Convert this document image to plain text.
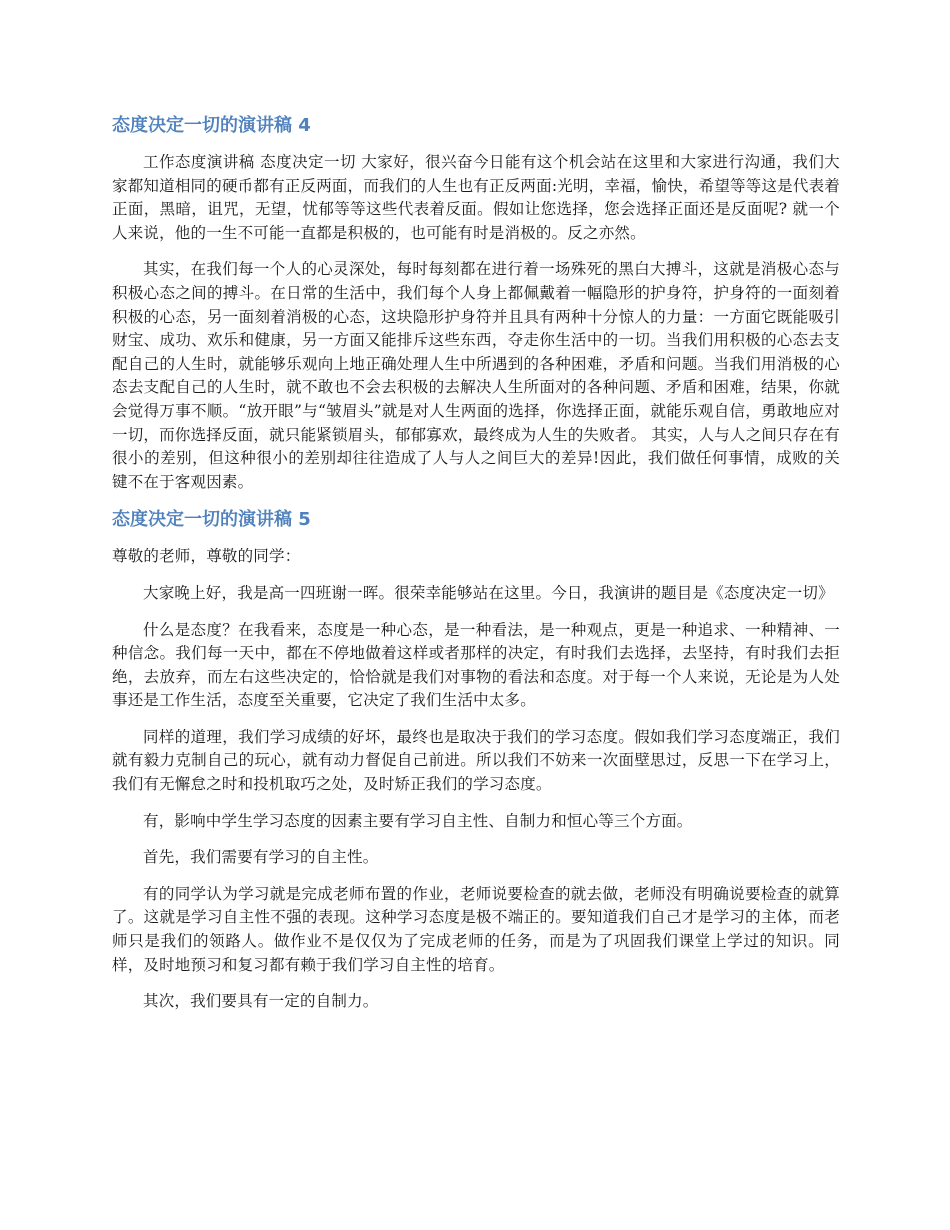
态度决定一切的演讲稿 4

工作态度演讲稿 态度决定一切 大家好，很兴奋今日能有这个机会站在这里和大家进行沟通，我们大家都知道相同的硬币都有正反两面，而我们的人生也有正反两面:光明，幸福，愉快，希望等等这是代表着正面，黑暗，诅咒，无望，忧郁等等这些代表着反面。假如让您选择，您会选择正面还是反面呢? 就一个人来说，他的一生不可能一直都是积极的，也可能有时是消极的。反之亦然。

其实，在我们每一个人的心灵深处，每时每刻都在进行着一场殊死的黑白大搏斗，这就是消极心态与积极心态之间的搏斗。在日常的生活中，我们每个人身上都佩戴着一幅隐形的护身符，护身符的一面刻着积极的心态，另一面刻着消极的心态，这块隐形护身符并且具有两种十分惊人的力量：一方面它既能吸引财宝、成功、欢乐和健康，另一方面又能排斥这些东西，夺走你生活中的一切。当我们用积极的心态去支配自己的人生时，就能够乐观向上地正确处理人生中所遇到的各种困难，矛盾和问题。当我们用消极的心态去支配自己的人生时，就不敢也不会去积极的去解决人生所面对的各种问题、矛盾和困难，结果，你就会觉得万事不顺。“放开眼”与“皱眉头”就是对人生两面的选择，你选择正面，就能乐观自信，勇敢地应对一切，而你选择反面，就只能紧锁眉头，郁郁寡欢，最终成为人生的失败者。 其实，人与人之间只存在有很小的差别，但这种很小的差别却往往造成了人与人之间巨大的差异!因此，我们做任何事情，成败的关键不在于客观因素。

态度决定一切的演讲稿 5

尊敬的老师，尊敬的同学：

大家晚上好，我是高一四班谢一晖。很荣幸能够站在这里。今日，我演讲的题目是《态度决定一切》

什么是态度？在我看来，态度是一种心态，是一种看法，是一种观点，更是一种追求、一种精神、一种信念。我们每一天中，都在不停地做着这样或者那样的决定，有时我们去选择，去坚持，有时我们去拒绝，去放弃，而左右这些决定的，恰恰就是我们对事物的看法和态度。对于每一个人来说，无论是为人处事还是工作生活，态度至关重要，它决定了我们生活中太多。

同样的道理，我们学习成绩的好坏，最终也是取决于我们的学习态度。假如我们学习态度端正，我们就有毅力克制自己的玩心，就有动力督促自己前进。所以我们不妨来一次面壁思过，反思一下在学习上，我们有无懈怠之时和投机取巧之处，及时矫正我们的学习态度。

有，影响中学生学习态度的因素主要有学习自主性、自制力和恒心等三个方面。

首先，我们需要有学习的自主性。

有的同学认为学习就是完成老师布置的作业，老师说要检查的就去做，老师没有明确说要检查的就算了。这就是学习自主性不强的表现。这种学习态度是极不端正的。要知道我们自己才是学习的主体，而老师只是我们的领路人。做作业不是仅仅为了完成老师的任务，而是为了巩固我们课堂上学过的知识。同样，及时地预习和复习都有赖于我们学习自主性的培育。

其次，我们要具有一定的自制力。
